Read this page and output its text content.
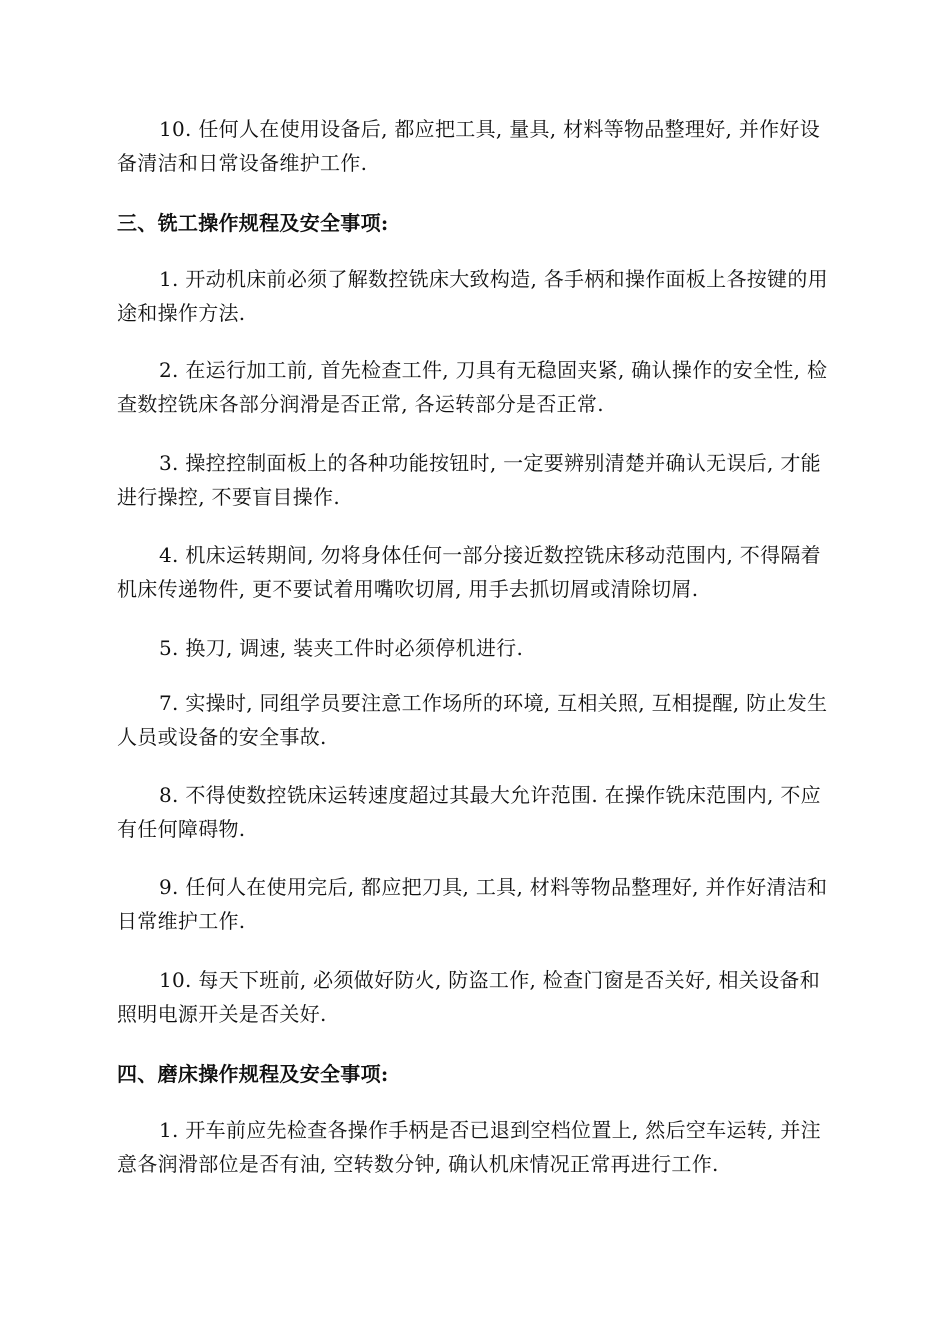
10. 任何人在使用设备后, 都应把工具, 量具, 材料等物品整理好, 并作好设备清洁和日常设备维护工作.

三、铣工操作规程及安全事项:

1. 开动机床前必须了解数控铣床大致构造, 各手柄和操作面板上各按键的用途和操作方法.

2. 在运行加工前, 首先检查工件, 刀具有无稳固夹紧, 确认操作的安全性, 检查数控铣床各部分润滑是否正常, 各运转部分是否正常.

3. 操控控制面板上的各种功能按钮时, 一定要辨别清楚并确认无误后, 才能进行操控, 不要盲目操作.

4. 机床运转期间, 勿将身体任何一部分接近数控铣床移动范围内, 不得隔着机床传递物件, 更不要试着用嘴吹切屑, 用手去抓切屑或清除切屑.

5. 换刀, 调速, 装夹工件时必须停机进行.

7. 实操时, 同组学员要注意工作场所的环境, 互相关照, 互相提醒, 防止发生人员或设备的安全事故.

8. 不得使数控铣床运转速度超过其最大允许范围. 在操作铣床范围内, 不应有任何障碍物.

9. 任何人在使用完后, 都应把刀具, 工具, 材料等物品整理好, 并作好清洁和日常维护工作.

10. 每天下班前, 必须做好防火, 防盗工作, 检查门窗是否关好, 相关设备和照明电源开关是否关好.

四、磨床操作规程及安全事项:

1. 开车前应先检查各操作手柄是否已退到空档位置上, 然后空车运转, 并注意各润滑部位是否有油, 空转数分钟, 确认机床情况正常再进行工作.
